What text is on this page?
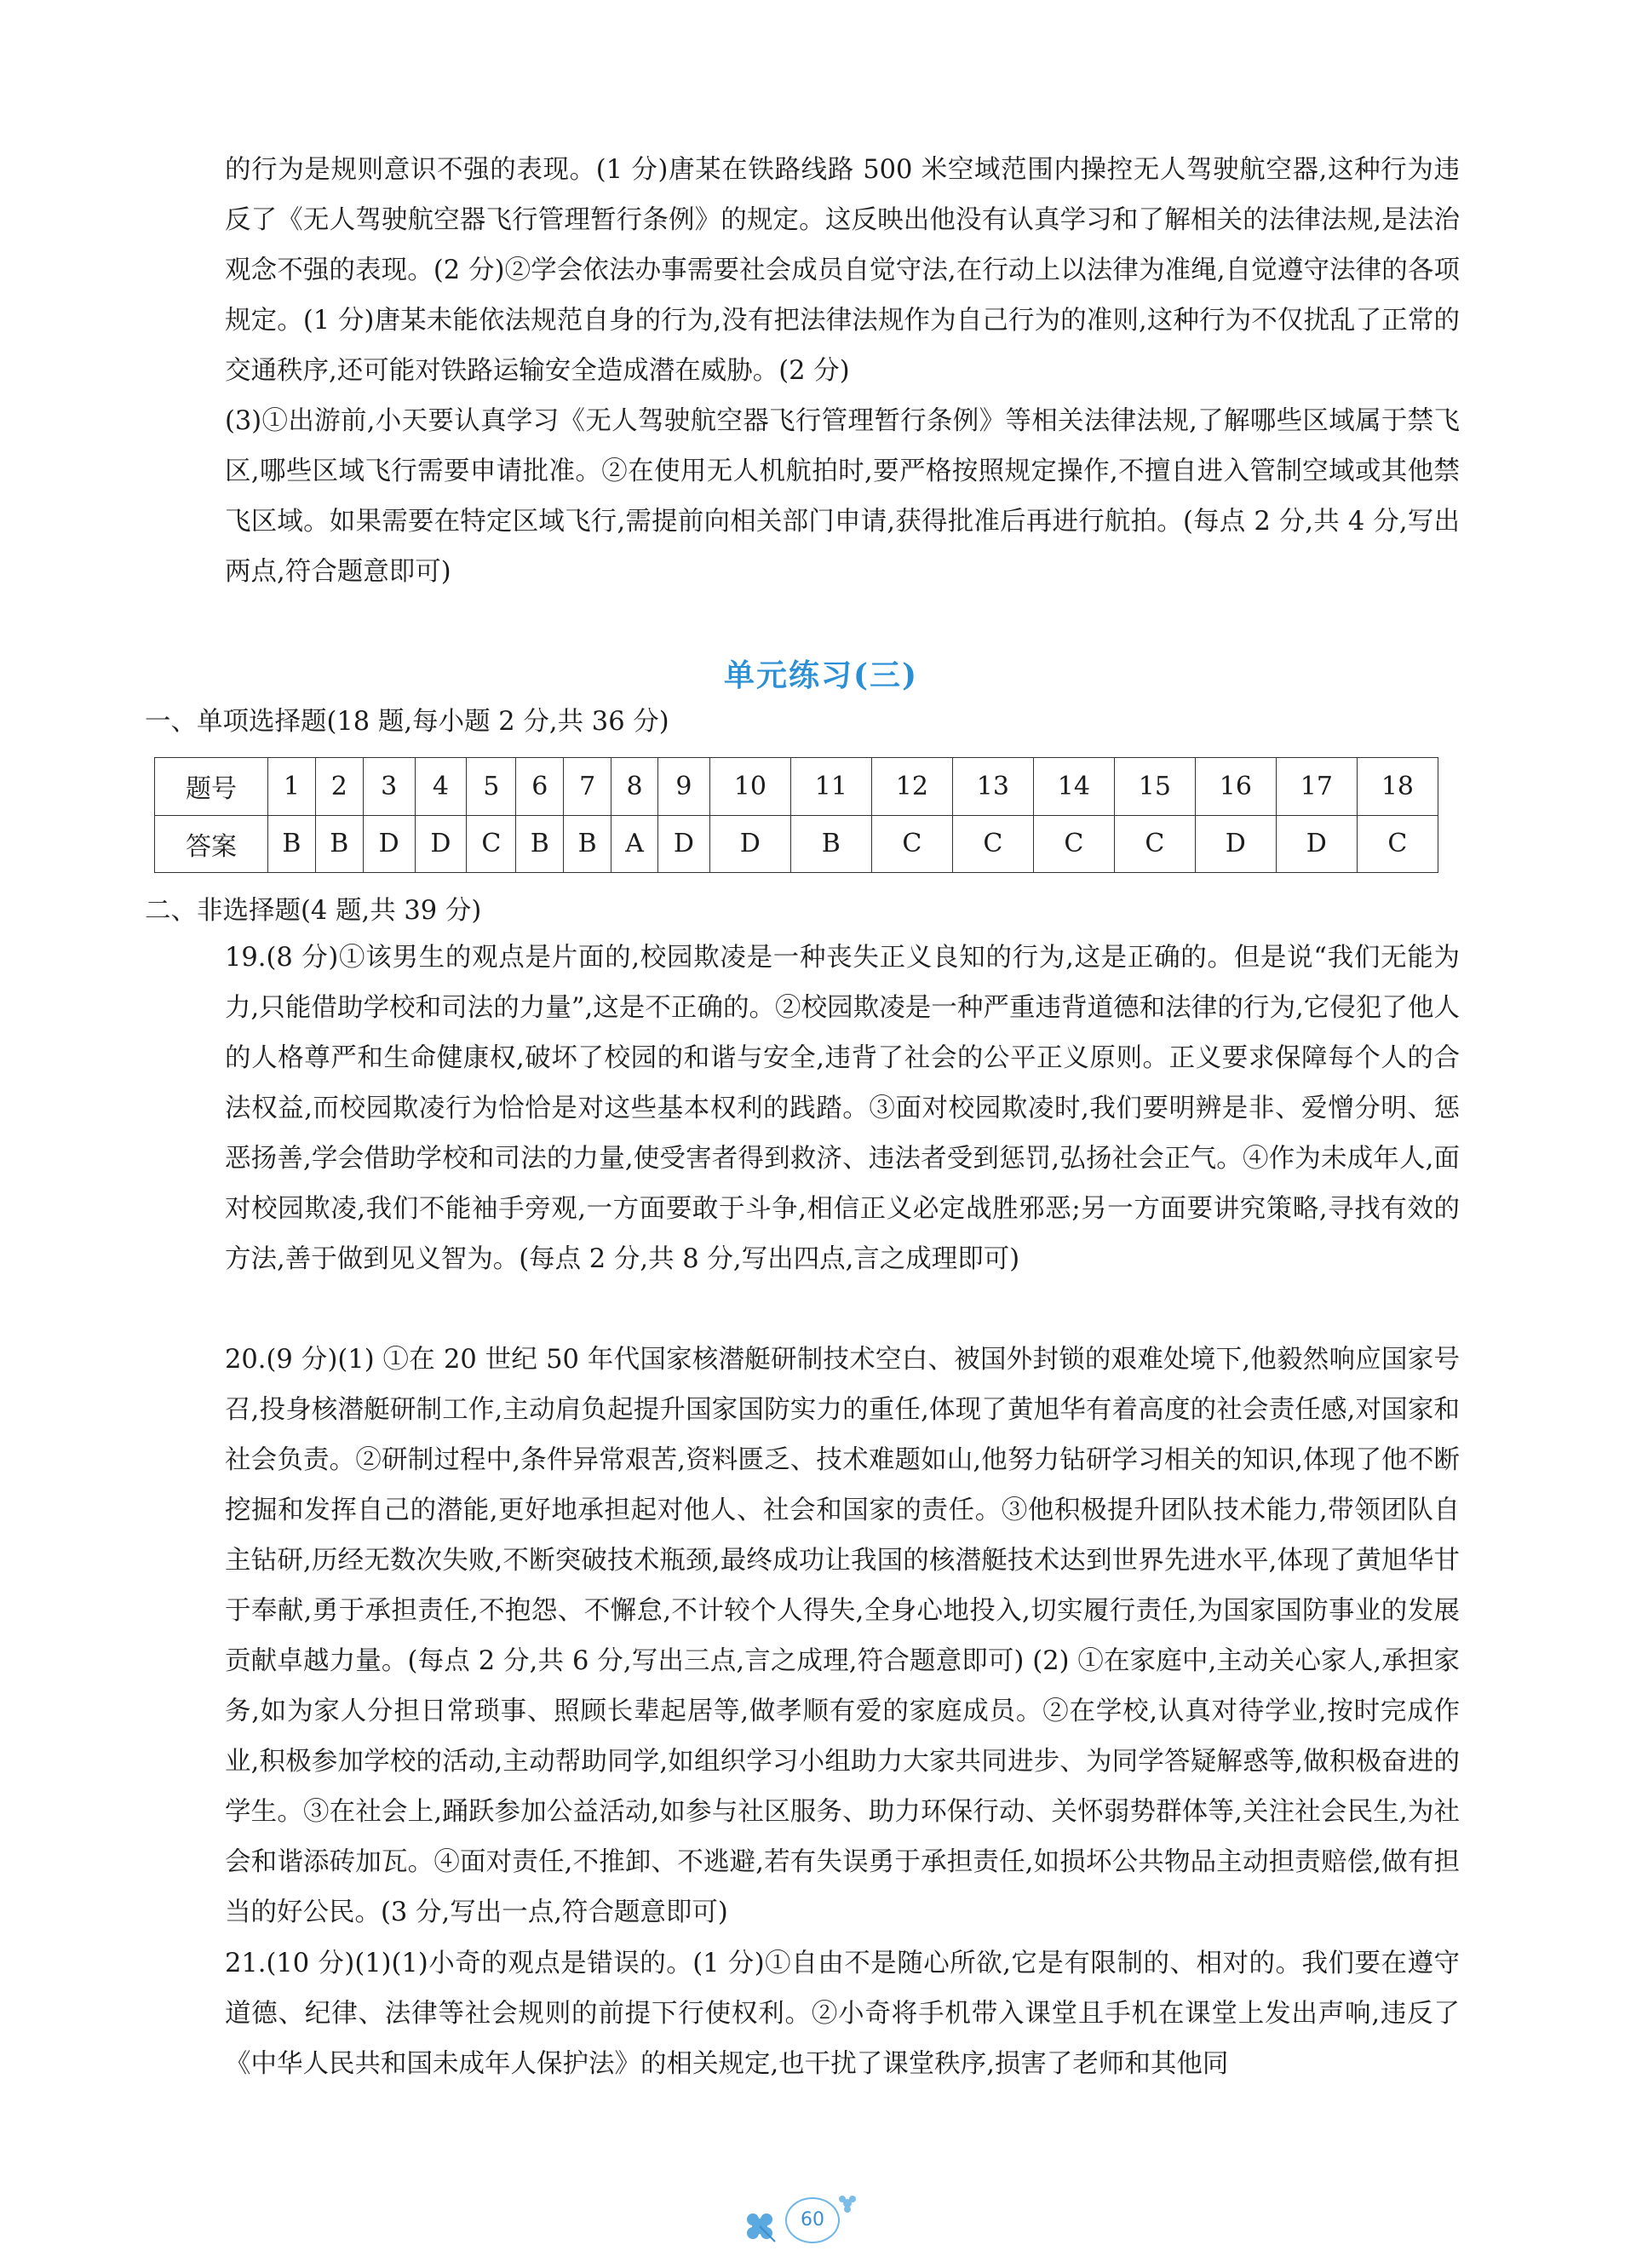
的行为是规则意识不强的表现。(1 分)唐某在铁路线路 500 米空域范围内操控无人驾驶航空器,这种行为违反了《无人驾驶航空器飞行管理暂行条例》的规定。这反映出他没有认真学习和了解相关的法律法规,是法治观念不强的表现。(2 分)②学会依法办事需要社会成员自觉守法,在行动上以法律为准绳,自觉遵守法律的各项规定。(1 分)唐某未能依法规范自身的行为,没有把法律法规作为自己行为的准则,这种行为不仅扰乱了正常的交通秩序,还可能对铁路运输安全造成潜在威胁。(2 分)

(3)①出游前,小天要认真学习《无人驾驶航空器飞行管理暂行条例》等相关法律法规,了解哪些区域属于禁飞区,哪些区域飞行需要申请批准。②在使用无人机航拍时,要严格按照规定操作,不擅自进入管制空域或其他禁飞区域。如果需要在特定区域飞行,需提前向相关部门申请,获得批准后再进行航拍。(每点 2 分,共 4 分,写出两点,符合题意即可)

单元练习(三)
一、单项选择题(18 题,每小题 2 分,共 36 分)
题号	1	2	3	4	5	6	7	8	9	10	11	12	13	14	15	16	17	18
答案	B	B	D	D	C	B	B	A	D	D	B	C	C	C	C	D	D	C
二、非选择题(4 题,共 39 分)

19.(8 分)①该男生的观点是片面的,校园欺凌是一种丧失正义良知的行为,这是正确的。但是说“我们无能为力,只能借助学校和司法的力量”,这是不正确的。②校园欺凌是一种严重违背道德和法律的行为,它侵犯了他人的人格尊严和生命健康权,破坏了校园的和谐与安全,违背了社会的公平正义原则。正义要求保障每个人的合法权益,而校园欺凌行为恰恰是对这些基本权利的践踏。③面对校园欺凌时,我们要明辨是非、爱憎分明、惩恶扬善,学会借助学校和司法的力量,使受害者得到救济、违法者受到惩罚,弘扬社会正气。④作为未成年人,面对校园欺凌,我们不能袖手旁观,一方面要敢于斗争,相信正义必定战胜邪恶;另一方面要讲究策略,寻找有效的方法,善于做到见义智为。(每点 2 分,共 8 分,写出四点,言之成理即可)

20.(9 分)(1) ①在 20 世纪 50 年代国家核潜艇研制技术空白、被国外封锁的艰难处境下,他毅然响应国家号召,投身核潜艇研制工作,主动肩负起提升国家国防实力的重任,体现了黄旭华有着高度的社会责任感,对国家和社会负责。②研制过程中,条件异常艰苦,资料匮乏、技术难题如山,他努力钻研学习相关的知识,体现了他不断挖掘和发挥自己的潜能,更好地承担起对他人、社会和国家的责任。③他积极提升团队技术能力,带领团队自主钻研,历经无数次失败,不断突破技术瓶颈,最终成功让我国的核潜艇技术达到世界先进水平,体现了黄旭华甘于奉献,勇于承担责任,不抱怨、不懈怠,不计较个人得失,全身心地投入,切实履行责任,为国家国防事业的发展贡献卓越力量。(每点 2 分,共 6 分,写出三点,言之成理,符合题意即可) (2) ①在家庭中,主动关心家人,承担家务,如为家人分担日常琐事、照顾长辈起居等,做孝顺有爱的家庭成员。②在学校,认真对待学业,按时完成作业,积极参加学校的活动,主动帮助同学,如组织学习小组助力大家共同进步、为同学答疑解惑等,做积极奋进的学生。③在社会上,踊跃参加公益活动,如参与社区服务、助力环保行动、关怀弱势群体等,关注社会民生,为社会和谐添砖加瓦。④面对责任,不推卸、不逃避,若有失误勇于承担责任,如损坏公共物品主动担责赔偿,做有担当的好公民。(3 分,写出一点,符合题意即可)

21.(10 分)(1)(1)小奇的观点是错误的。(1 分)①自由不是随心所欲,它是有限制的、相对的。我们要在遵守道德、纪律、法律等社会规则的前提下行使权利。②小奇将手机带入课堂且手机在课堂上发出声响,违反了《中华人民共和国未成年人保护法》的相关规定,也干扰了课堂秩序,损害了老师和其他同

60
